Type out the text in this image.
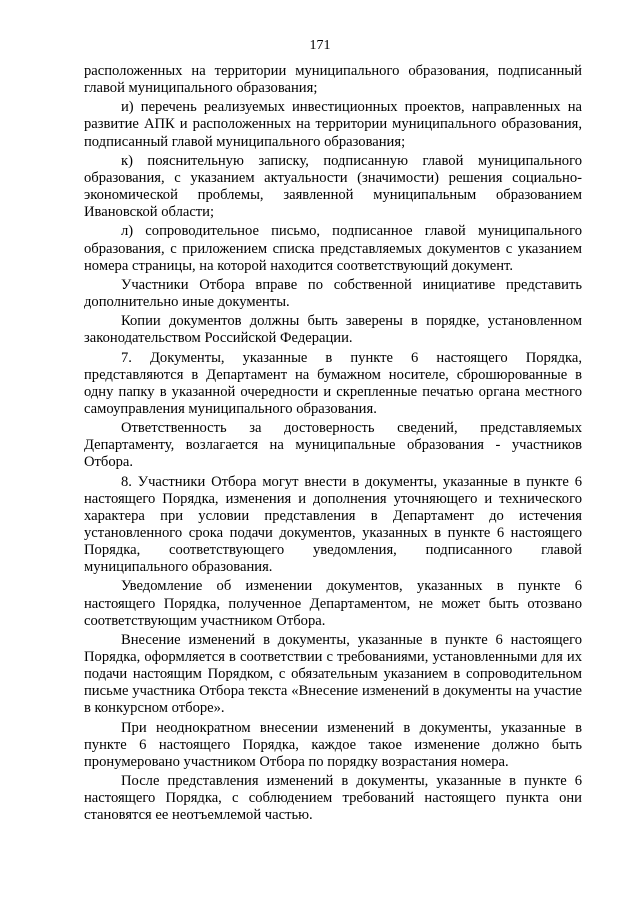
171

расположенных на территории муниципального образования, подписанный главой муниципального образования;

и) перечень реализуемых инвестиционных проектов, направленных на развитие АПК и расположенных на территории муниципального образования, подписанный главой муниципального образования;

к) пояснительную записку, подписанную главой муниципального образования, с указанием актуальности (значимости) решения социально-экономической проблемы, заявленной муниципальным образованием Ивановской области;

л) сопроводительное письмо, подписанное главой муниципального образования, с приложением списка представляемых документов с указанием номера страницы, на которой находится соответствующий документ.

Участники Отбора вправе по собственной инициативе представить дополнительно иные документы.

Копии документов должны быть заверены в порядке, установленном законодательством Российской Федерации.

7. Документы, указанные в пункте 6 настоящего Порядка, представляются в Департамент на бумажном носителе, сброшюрованные в одну папку в указанной очередности и скрепленные печатью органа местного самоуправления муниципального образования.

Ответственность за достоверность сведений, представляемых Департаменту, возлагается на муниципальные образования - участников Отбора.

8. Участники Отбора могут внести в документы, указанные в пункте 6 настоящего Порядка, изменения и дополнения уточняющего и технического характера при условии представления в Департамент до истечения установленного срока подачи документов, указанных в пункте 6 настоящего Порядка, соответствующего уведомления, подписанного главой муниципального образования.

Уведомление об изменении документов, указанных в пункте 6 настоящего Порядка, полученное Департаментом, не может быть отозвано соответствующим участником Отбора.

Внесение изменений в документы, указанные в пункте 6 настоящего Порядка, оформляется в соответствии с требованиями, установленными для их подачи настоящим Порядком, с обязательным указанием в сопроводительном письме участника Отбора текста «Внесение изменений в документы на участие в конкурсном отборе».

При неоднократном внесении изменений в документы, указанные в пункте 6 настоящего Порядка, каждое такое изменение должно быть пронумеровано участником Отбора по порядку возрастания номера.

После представления изменений в документы, указанные в пункте 6 настоящего Порядка, с соблюдением требований настоящего пункта они становятся ее неотъемлемой частью.
